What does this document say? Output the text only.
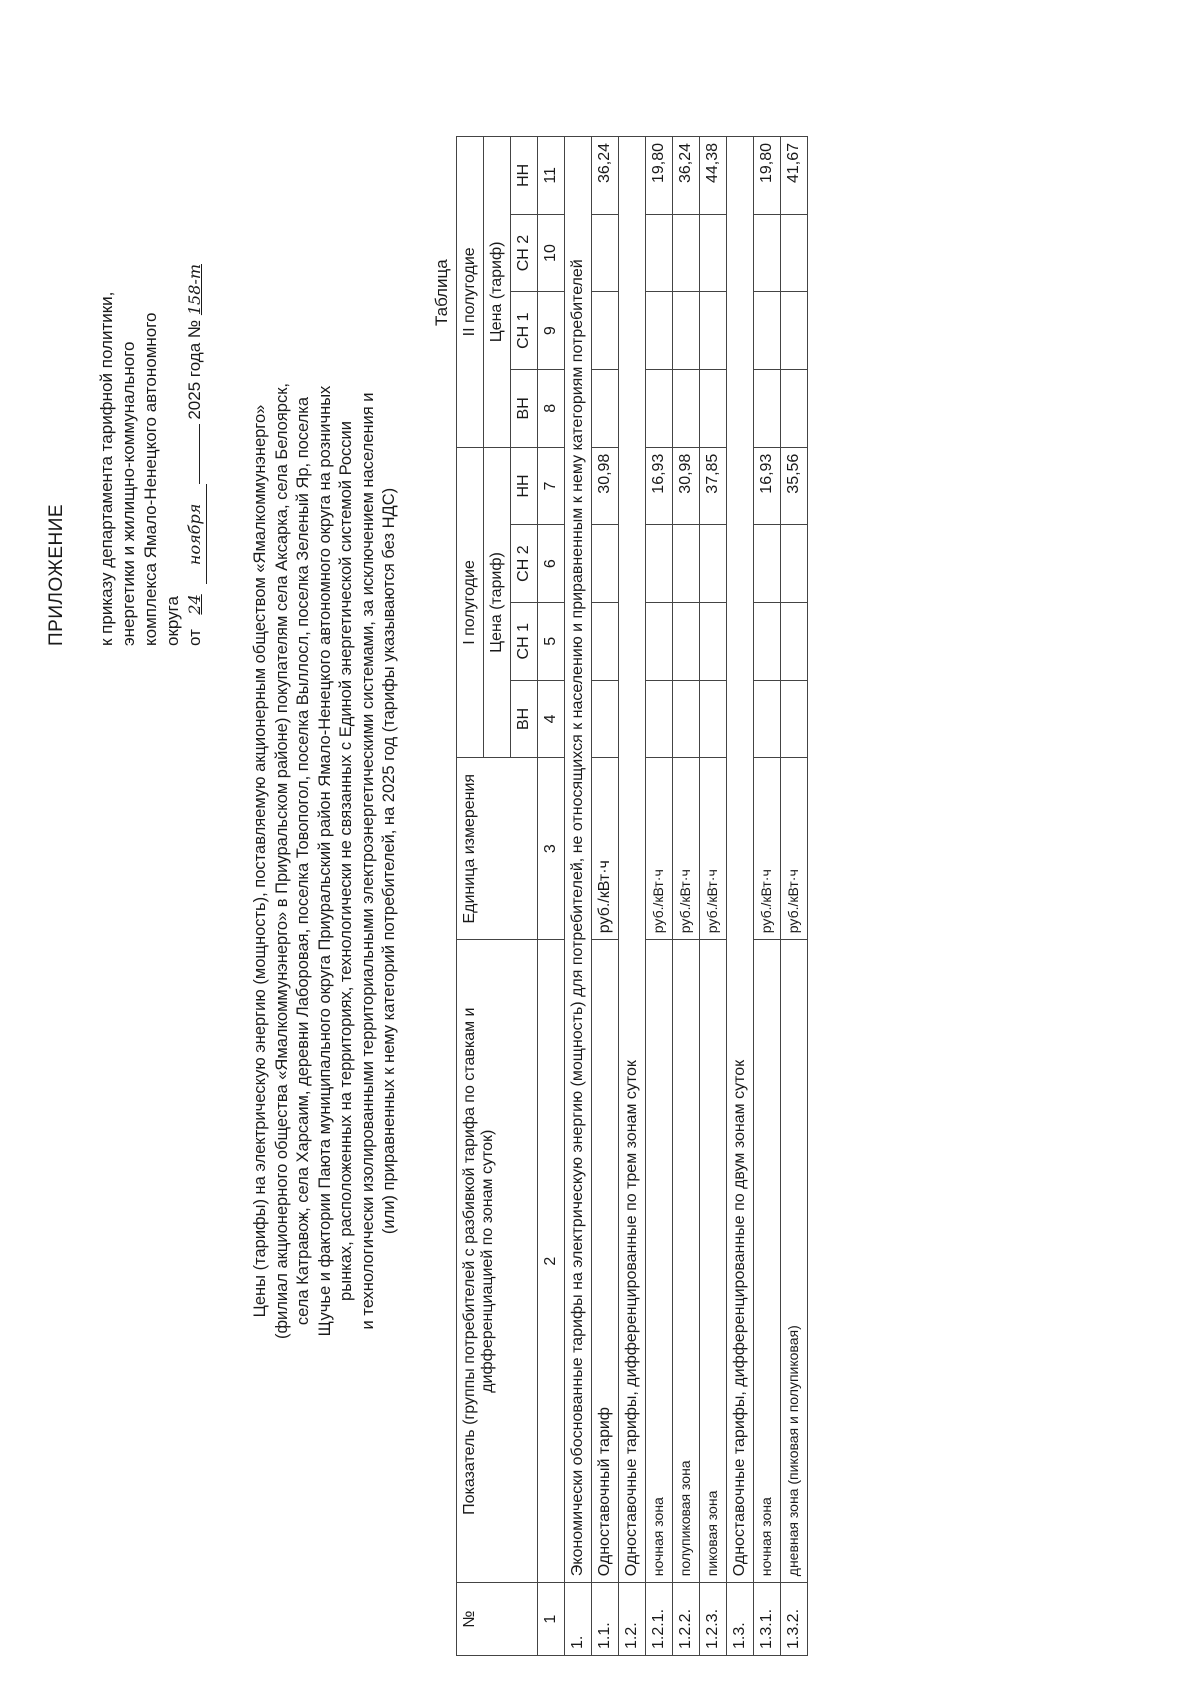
ПРИЛОЖЕНИЕ к приказу департамента тарифной политики, энергетики и жилищно-коммунального комплекса Ямало-Ненецкого автономного округа от

24
ноября

2025 года №

158-т
Цены (тарифы) на электрическую энергию (мощность), поставляемую акционерным обществом «Ямалкоммунэнерго» (филиал акционерного общества «Ямалкоммунэнерго» в Приуральском районе) покупателям села Аксарка, села Белоярск, села Катравож, села Харсаим, деревни Лаборовая, поселка Товопогол, поселка Выллосл, поселка Зеленый Яр, поселка Щучье и фактории Паюта муниципального округа Приуральский район Ямало-Ненецкого автономного округа на розничных рынках, расположенных на территориях, технологически не связанных с Единой энергетической системой России и технологически изолированными территориальными электроэнергетическими системами, за исключением населения и (или) приравненных к нему категорий потребителей, на 2025 год (тарифы указываются без НДС)
Таблица
№	Показатель (группы потребителей с разбивкой тарифа по ставкам и дифференциацией по зонам суток)	Единица измерения	I полугодие				II полугодие			
			Цена (тариф)				Цена (тариф)			
			ВН	СН 1	СН 2	НН	ВН	СН 1	СН 2	НН
1	2	3	4	5	6	7	8	9	10	11
1.	Экономически обоснованные тарифы на электрическую энергию (мощность) для потребителей, не относящихся к населению и приравненным к нему категориям потребителей									
1.1.	Одноставочный тариф	руб./кВт·ч				30,98				36,24
1.2.	Одноставочные тарифы, дифференцированные по трем зонам суток									
1.2.1.	ночная зона	руб./кВт·ч				16,93				19,80
1.2.2.	полупиковая зона	руб./кВт·ч				30,98				36,24
1.2.3.	пиковая зона	руб./кВт·ч				37,85				44,38
1.3.	Одноставочные тарифы, дифференцированные по двум зонам суток									
1.3.1.	ночная зона	руб./кВт·ч				16,93				19,80
1.3.2.	дневная зона (пиковая и полупиковая)	руб./кВт·ч				35,56				41,67
